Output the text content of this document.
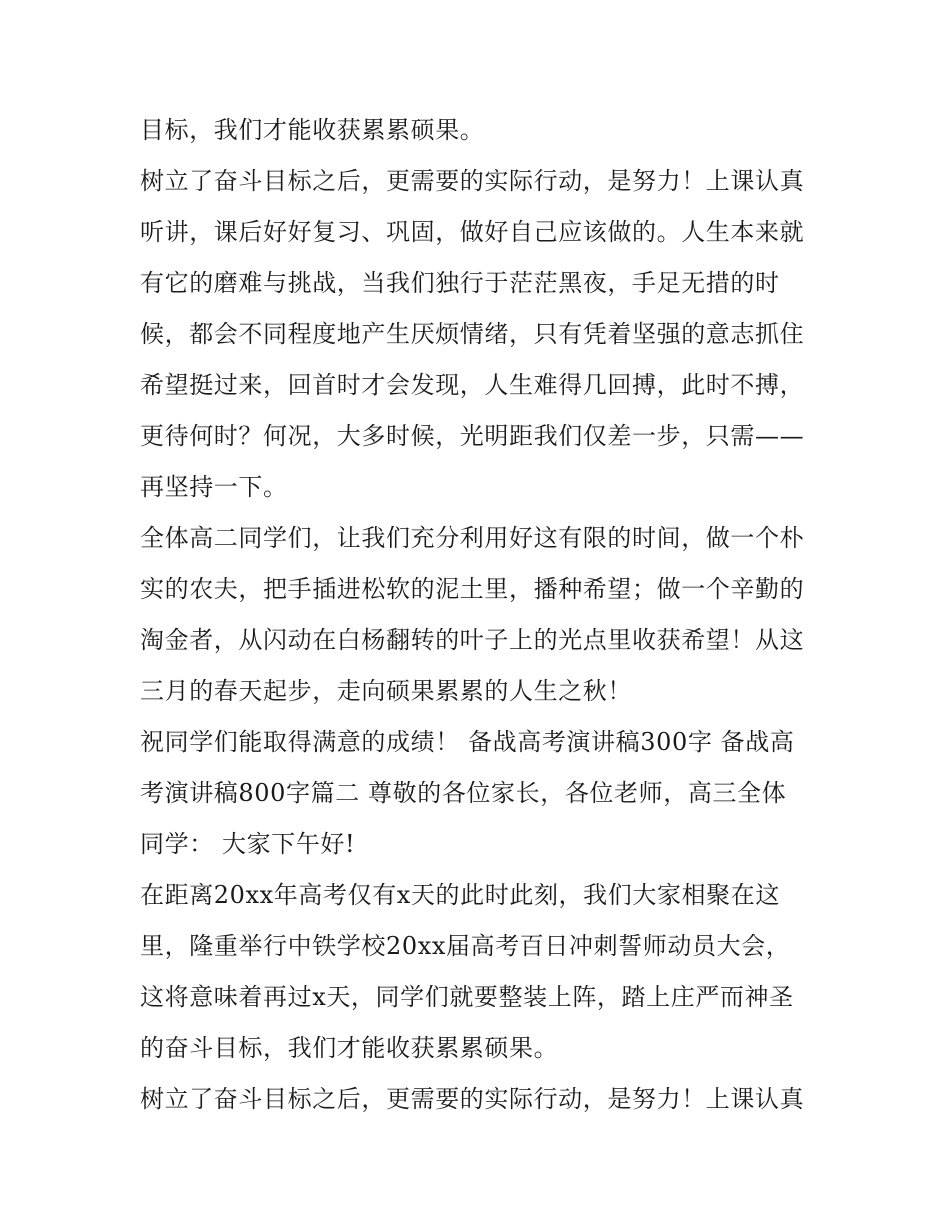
目标，我们才能收获累累硕果。
树立了奋斗目标之后，更需要的实际行动，是努力！上课认真
听讲，课后好好复习、巩固，做好自己应该做的。人生本来就
有它的磨难与挑战，当我们独行于茫茫黑夜，手足无措的时
候，都会不同程度地产生厌烦情绪，只有凭着坚强的意志抓住
希望挺过来，回首时才会发现，人生难得几回搏，此时不搏，
更待何时？何况，大多时候，光明距我们仅差一步，只需——
再坚持一下。
全体高二同学们，让我们充分利用好这有限的时间，做一个朴
实的农夫，把手插进松软的泥土里，播种希望；做一个辛勤的
淘金者，从闪动在白杨翻转的叶子上的光点里收获希望！从这
三月的春天起步，走向硕果累累的人生之秋！
祝同学们能取得满意的成绩！ 备战高考演讲稿300字 备战高
考演讲稿800字篇二 尊敬的各位家长，各位老师，高三全体
同学： 大家下午好!
在距离20xx年高考仅有x天的此时此刻，我们大家相聚在这
里，隆重举行中铁学校20xx届高考百日冲刺誓师动员大会，
这将意味着再过x天，同学们就要整装上阵，踏上庄严而神圣
的奋斗目标，我们才能收获累累硕果。
树立了奋斗目标之后，更需要的实际行动，是努力！上课认真
